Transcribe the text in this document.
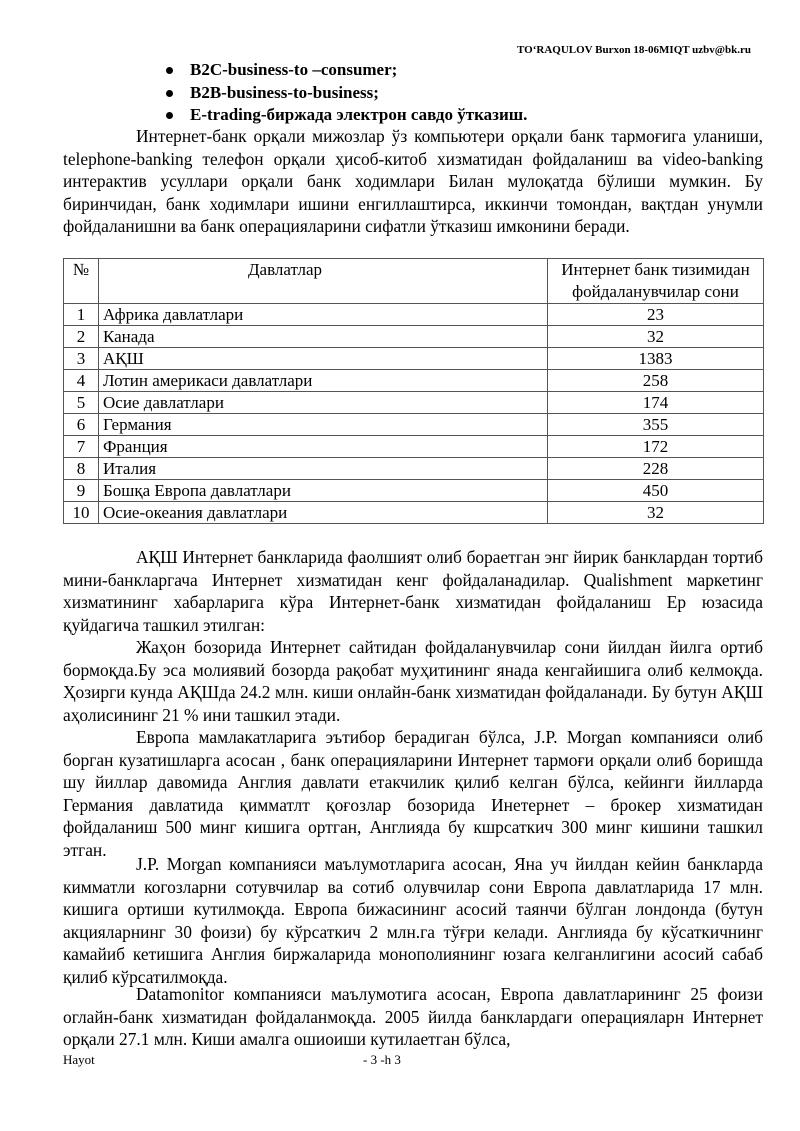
TO‘RAQULOV Burxon 18-06MIQT uzbv@bk.ru
B2C-business-to –consumer;
B2B-business-to-business;
E-trading-биржада электрон савдо ўтказиш.

Интернет-банк орқали мижозлар ўз компьютери орқали банк тармоғига уланиши, telephone-banking телефон орқали ҳисоб-китоб хизматидан фойдаланиш ва video-banking интерактив усуллари орқали банк ходимлари Билан мулоқатда бўлиши мумкин. Бу биринчидан, банк ходимлари ишини енгиллаштирса, иккинчи томондан, вақтдан унумли фойдаланишни ва банк операцияларини сифатли ўтказиш имконини беради.

№	Давлатлар	Интернет банк тизимидан фойдаланувчилар сони
1	Африка давлатлари	23
2	Канада	32
3	АҚШ	1383
4	Лотин америкаси давлатлари	258
5	Осие давлатлари	174
6	Германия	355
7	Франция	172
8	Италия	228
9	Бошқа Европа давлатлари	450
10	Осие-океания давлатлари	32

АҚШ Интернет банкларида фаолшият олиб бораетган энг йирик банклардан тортиб мини-банкларгача Интернет хизматидан кенг фойдаланадилар. Qualishment маркетинг хизматининг хабарларига кўра Интернет-банк хизматидан фойдаланиш Ер юзасида қуйдагича ташкил этилган:

Жаҳон бозорида Интернет сайтидан фойдаланувчилар сони йилдан йилга ортиб бормоқда.Бу эса молиявий бозорда рақобат муҳитининг янада кенгайишига олиб келмоқда. Ҳозирги кунда АҚШда 24.2 млн. киши онлайн-банк хизматидан фойдаланади. Бу бутун АҚШ аҳолисининг 21 % ини ташкил этади.

Европа мамлакатларига эътибор берадиган бўлса, J.P. Morgan компанияси олиб борган кузатишларга асосан , банк операцияларини Интернет тармоғи орқали олиб боришда шу йиллар давомида Англия давлати етакчилик қилиб келган бўлса, кейинги йилларда Германия давлатида қимматлт қоғозлар бозорида Инетернет – брокер хизматидан фойдаланиш 500 минг кишига ортган, Англияда бу кшрсаткич 300 минг кишини ташкил этган.

J.P. Morgan компанияси маълумотларига асосан, Яна уч йилдан кейин банкларда кимматли когозларни сотувчилар ва сотиб олувчилар сони Европа давлатларида 17 млн. кишига ортиши кутилмоқда. Европа бижасининг асосий таянчи бўлган лондонда (бутун акцияларнинг 30 фоизи) бу кўрсаткич 2 млн.га тўғри келади. Англияда бу кўсаткичнинг камайиб кетишига Англия биржаларида монополиянинг юзага келганлигини асосий сабаб қилиб кўрсатилмоқда.

Datamonitor компанияси маълумотига асосан, Европа давлатларининг 25 фоизи оглайн-банк хизматидан фойдаланмоқда. 2005 йилда банклардаги операцияларн Интернет орқали 27.1 млн. Киши амалга ошиоиши кутилаетган бўлса,

Hayot	- 3 -h 3
